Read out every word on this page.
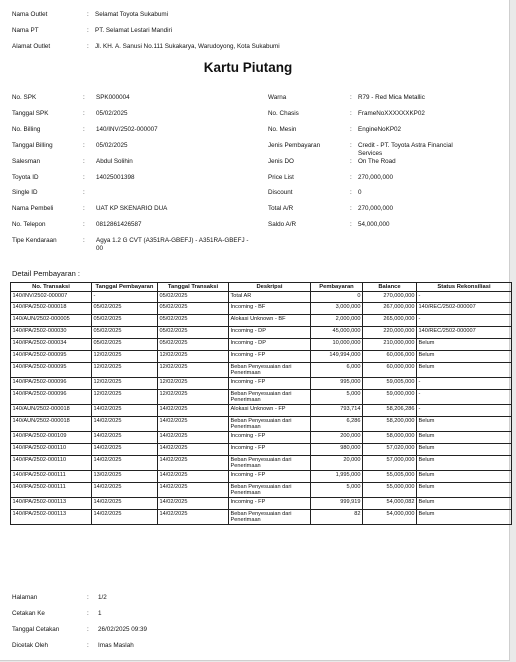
Nama Outlet	: Selamat Toyota Sukabumi
Nama PT	: PT. Selamat Lestari Mandiri
Alamat Outlet	: Jl. KH. A. Sanusi No.111 Sukakarya, Warudoyong, Kota Sukabumi
Kartu Piutang
Detail Pembayaran :
No. Transaksi	Tanggal Pembayaran	Tanggal Transaksi	Deskripsi	Pembayaran	Balance	Status Rekonsiliasi
140/INV/2502-000007	-	05/02/2025	Total AR	0	270,000,000	-
140/IPA/2502-000018	05/02/2025	05/02/2025	Incoming - BF	3,000,000	267,000,000	140/REC/2502-000007
140/AUN/2502-000005	05/02/2025	05/02/2025	Alokasi Unknown - BF	2,000,000	265,000,000	-
140/IPA/2502-000030	05/02/2025	05/02/2025	Incoming - DP	45,000,000	220,000,000	140/REC/2502-000007
140/IPA/2502-000034	05/02/2025	05/02/2025	Incoming - DP	10,000,000	210,000,000	Belum
140/IPA/2502-000095	12/02/2025	12/02/2025	Incoming - FP	149,994,000	60,006,000	Belum
140/IPA/2502-000095	12/02/2025	12/02/2025	Beban Penyesuaian dari Penerimaan	6,000	60,000,000	Belum
140/IPA/2502-000096	12/02/2025	12/02/2025	Incoming - FP	995,000	59,005,000	-
140/IPA/2502-000096	12/02/2025	12/02/2025	Beban Penyesuaian dari Penerimaan	5,000	59,000,000	-
140/AUN/2502-000018	14/02/2025	14/02/2025	Alokasi Unknown - FP	793,714	58,206,286	-
140/AUN/2502-000018	14/02/2025	14/02/2025	Beban Penyesuaian dari Penerimaan	6,286	58,200,000	Belum
140/IPA/2502-000109	14/02/2025	14/02/2025	Incoming - FP	200,000	58,000,000	Belum
140/IPA/2502-000110	14/02/2025	14/02/2025	Incoming - FP	980,000	57,020,000	Belum
140/IPA/2502-000110	14/02/2025	14/02/2025	Beban Penyesuaian dari Penerimaan	20,000	57,000,000	Belum
140/IPA/2502-000111	13/02/2025	14/02/2025	Incoming - FP	1,995,000	55,005,000	Belum
140/IPA/2502-000111	14/02/2025	14/02/2025	Beban Penyesuaian dari Penerimaan	5,000	55,000,000	Belum
140/IPA/2502-000113	14/02/2025	14/02/2025	Incoming - FP	999,919	54,000,082	Belum
140/IPA/2502-000113	14/02/2025	14/02/2025	Beban Penyesuaian dari Penerimaan	82	54,000,000	Belum
No. SPK	: SPK000004
Tanggal SPK	: 05/02/2025
No. Billing	: 140/INV/2502-000007
Tanggal Billing	: 05/02/2025
Salesman	: Abdul Solihin
Toyota ID	: 14025001398
Single ID	:
Nama Pembeli	: UAT KP SKENARIO DUA
No. Telepon	: 0812861426587
Tipe Kendaraan	: Agya 1.2 G CVT (A351RA-GBEFJ) - A351RA-GBEFJ - 00
Warna	: R79 - Red Mica Metallic
No. Chasis	: FrameNoXXXXXXKP02
No. Mesin	: EngineNoKP02
Jenis Pembayaran	: Credit - PT. Toyota Astra Financial Services
Jenis DO	: On The Road
Price List	: 270,000,000
Discount	: 0
Total A/R	: 270,000,000
Saldo A/R	: 54,000,000
Halaman	: 1/2
Cetakan Ke	: 1
Tanggal Cetakan	: 26/02/2025 09:39
Dicetak Oleh	: Imas Maslah
